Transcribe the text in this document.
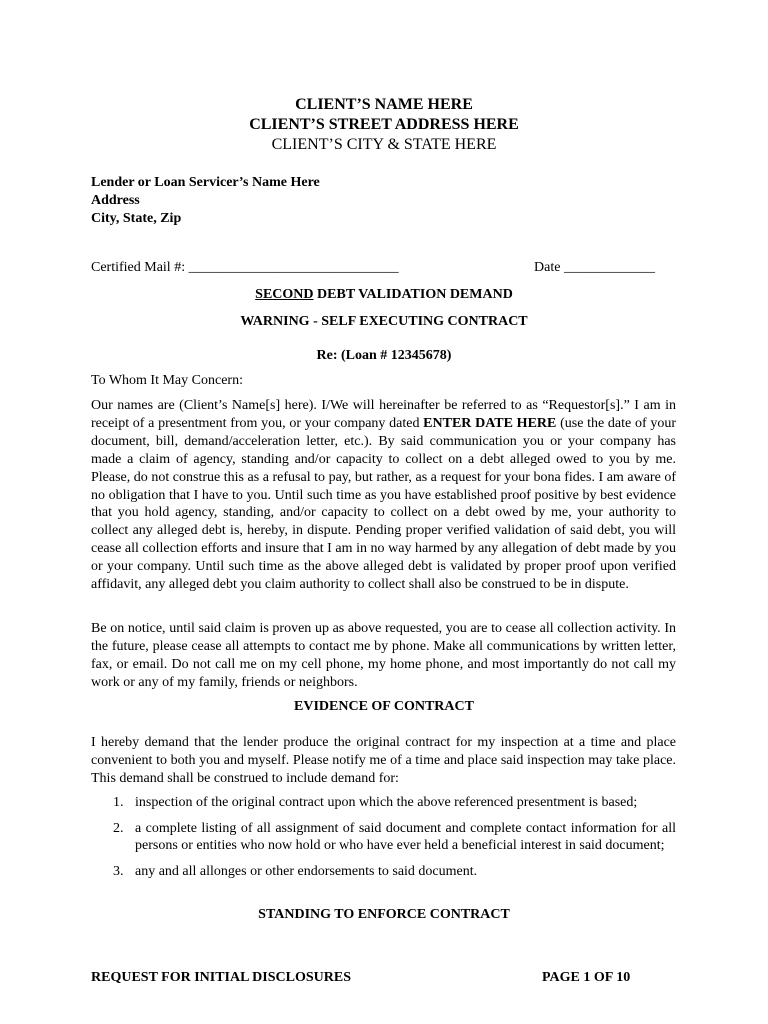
CLIENT’S NAME HERE
CLIENT’S STREET ADDRESS HERE
CLIENT’S CITY & STATE HERE
Lender or Loan Servicer’s Name Here
Address
City, State, Zip
Certified Mail #: ______________________________	Date _____________
SECOND DEBT VALIDATION DEMAND
WARNING - SELF EXECUTING CONTRACT
Re: (Loan # 12345678)
To Whom It May Concern:
Our names are (Client’s Name[s] here). I/We will hereinafter be referred to as “Requestor[s].” I am in receipt of a presentment from you, or your company dated ENTER DATE HERE (use the date of your document, bill, demand/acceleration letter, etc.). By said communication you or your company has made a claim of agency, standing and/or capacity to collect on a debt alleged owed to you by me. Please, do not construe this as a refusal to pay, but rather, as a request for your bona fides. I am aware of no obligation that I have to you. Until such time as you have established proof positive by best evidence that you hold agency, standing, and/or capacity to collect on a debt owed by me, your authority to collect any alleged debt is, hereby, in dispute. Pending proper verified validation of said debt, you will cease all collection efforts and insure that I am in no way harmed by any allegation of debt made by you or your company. Until such time as the above alleged debt is validated by proper proof upon verified affidavit, any alleged debt you claim authority to collect shall also be construed to be in dispute.
Be on notice, until said claim is proven up as above requested, you are to cease all collection activity. In the future, please cease all attempts to contact me by phone. Make all communications by written letter, fax, or email. Do not call me on my cell phone, my home phone, and most importantly do not call my work or any of my family, friends or neighbors.
EVIDENCE OF CONTRACT
I hereby demand that the lender produce the original contract for my inspection at a time and place convenient to both you and myself. Please notify me of a time and place said inspection may take place. This demand shall be construed to include demand for:
1. inspection of the original contract upon which the above referenced presentment is based;
2. a complete listing of all assignment of said document and complete contact information for all persons or entities who now hold or who have ever held a beneficial interest in said document;
3. any and all allonges or other endorsements to said document.
STANDING TO ENFORCE CONTRACT
REQUEST FOR INITIAL DISCLOSURES	PAGE 1 OF 10
